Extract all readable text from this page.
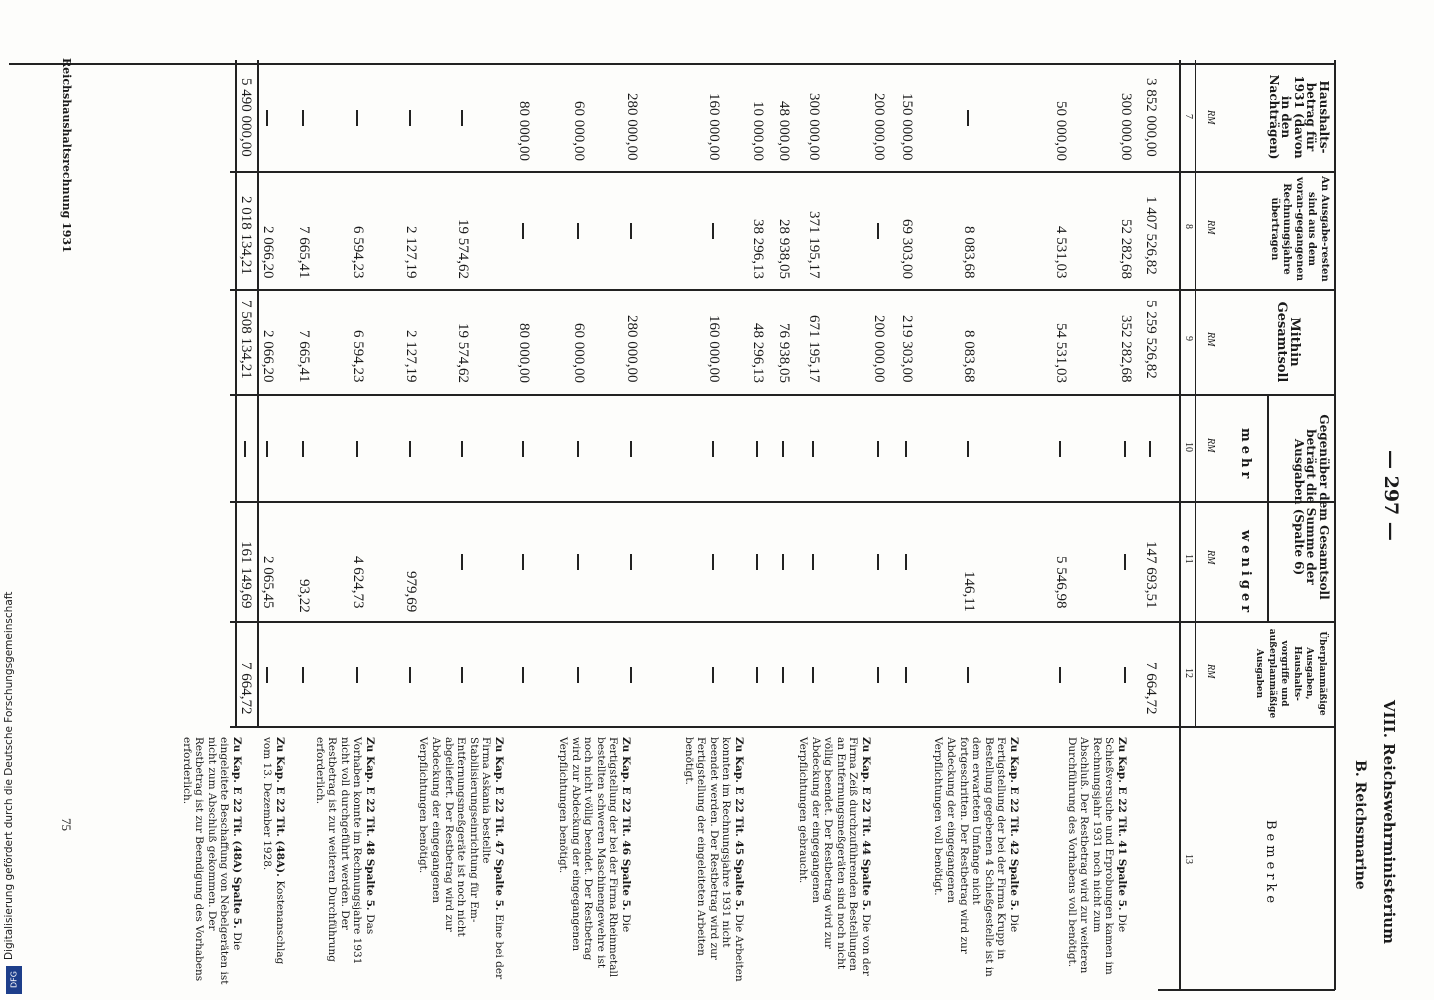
Digitalisierung gefördert durch die Deutsche Forschungsgemeinschaft
DFG
— 297 —
VIII. Reichswehrministerium
B. Reichsmarine
Reichshaushaltsrechnung 1931
75
Haushalts-betrag für 1931 (davon in den Nachträgen)
An Ausgabe-resten sind aus dem voran-gegangenen Rechnungsjahre übertragen
Mithin Gesamtsoll
Gegenüber dem Gesamtsoll beträgt die Summe der Ausgaben (Spalte 6)
mehr
weniger
Überplanmäßige Ausgaben, Haushalts-vorgriffe und außerplanmäßige Ausgaben
Bemerke
RM
RM
RM
RM
RM
RM
7
8
9
10
11
12
13
3 852 000,00
1 407 526,82
5 259 526,82
147 693,51
7 664,72
300 000,00
52 282,68
352 282,68
50 000,00
4 531,03
54 531,03
5 546,98
8 083,68
8 083,68
146,11
150 000,00
69 303,00
219 303,00
200 000,00
200 000,00
300 000,00
371 195,17
671 195,17
48 000,00
28 938,05
76 938,05
10 000,00
38 296,13
48 296,13
160 000,00
160 000,00
280 000,00
280 000,00
60 000,00
60 000,00
80 000,00
80 000,00
19 574,62
19 574,62
2 127,19
2 127,19
979,69
6 594,23
6 594,23
4 624,73
7 665,41
7 665,41
93,22
2 066,20
2 066,20
2 065,45
5 490 000,00
2 018 134,21
7 508 134,21
161 149,69
7 664,72
Zu Kap. E 22 Tit. 41 Spalte 5. Die Schießversuche und Erprobungen kamen im Rechnungsjahr 1931 noch nicht zum Abschluß. Der Restbetrag wird zur weiteren Durchführung des Vorhabens voll benötigt.
Zu Kap. E 22 Tit. 42 Spalte 5. Die Fertigstellung der bei der Firma Krupp in Bestellung gegebenen 4 Schießgestelle ist in dem erwarteten Umfange nicht fortgeschritten. Der Restbetrag wird zur Abdeckung der eingegangenen Verpflichtungen voll benötigt.
Zu Kap. E 22 Tit. 44 Spalte 5. Die von der Firma Zeiß durchzuführenden Bestellungen an Entfernungsmeßgeräten sind noch nicht völlig beendet. Der Restbetrag wird zur Abdeckung der eingegangenen Verpflichtungen gebraucht.
Zu Kap. E 22 Tit. 45 Spalte 5. Die Arbeiten konnten im Rechnungsjahre 1931 nicht beendet werden. Der Restbetrag wird zur Fertigstellung der eingeleiteten Arbeiten benötigt.
Zu Kap. E 22 Tit. 46 Spalte 5. Die Fertigstellung der bei der Firma Rheinmetall bestellten schweren Maschinengewehre ist noch nicht völlig beendet. Der Restbetrag wird zur Abdeckung der eingegangenen Verpflichtungen benötigt.
Zu Kap. E 22 Tit. 47 Spalte 5. Eine bei der Firma Askania bestellte Stabilisierungseinrichtung für Em-Entfernungsmeßgeräte ist noch nicht abgeliefert. Der Restbetrag wird zur Abdeckung der eingegangenen Verpflichtungen benötigt.
Zu Kap. E 22 Tit. 48 Spalte 5. Das Vorhaben konnte im Rechnungsjahre 1931 nicht voll durchgeführt werden. Der Restbetrag ist zur weiteren Durchführung erforderlich.
Zu Kap. E 22 Tit. (48A). Kostenanschlag vom 13. Dezember 1928.
Zu Kap. E 22 Tit. (48A) Spalte 5. Die eingeleitete Beschaffung von Nebelgeräten ist nicht zum Abschluß gekommen. Der Restbetrag ist zur Beendigung des Vorhabens erforderlich.
